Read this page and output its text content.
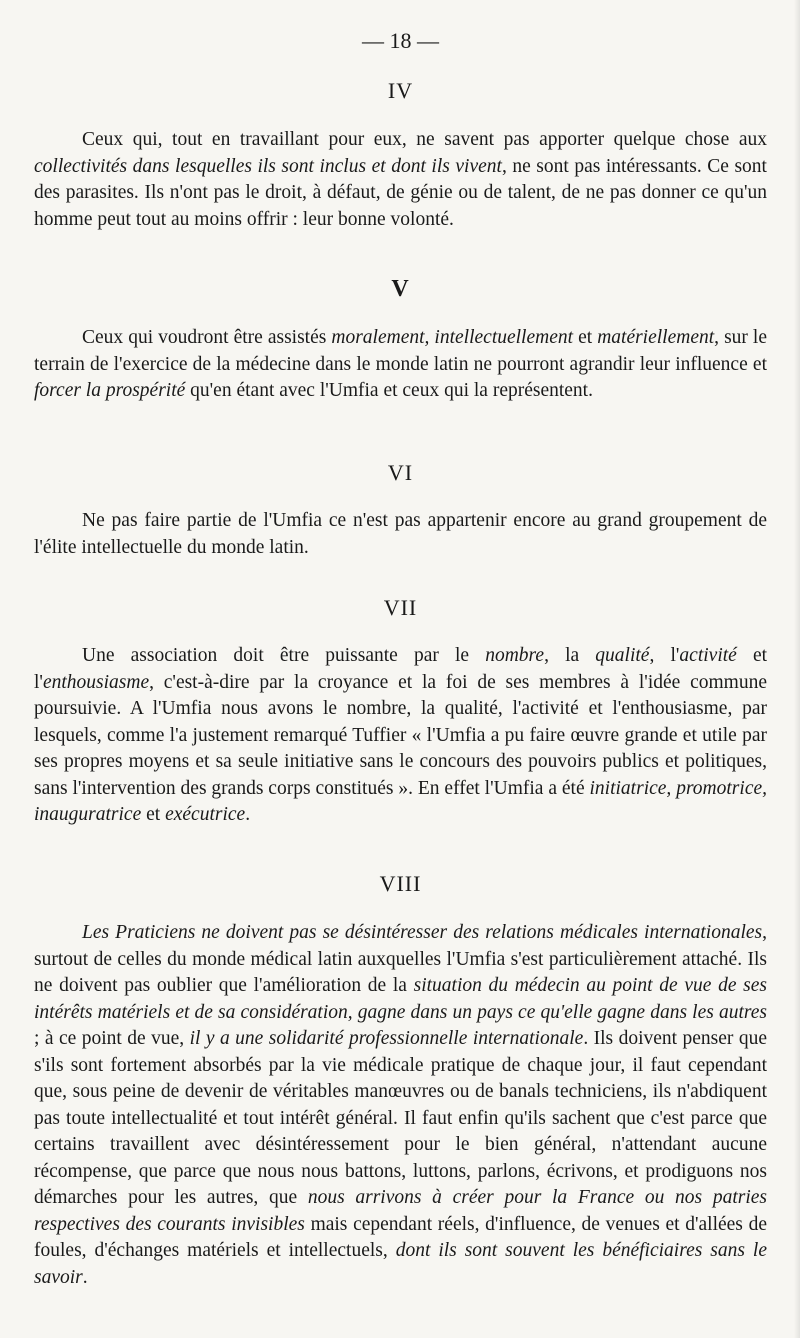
— 18 —
IV

Ceux qui, tout en travaillant pour eux, ne savent pas apporter quelque chose aux collectivités dans lesquelles ils sont inclus et dont ils vivent, ne sont pas intéressants. Ce sont des parasites. Ils n'ont pas le droit, à défaut, de génie ou de talent, de ne pas donner ce qu'un homme peut tout au moins offrir : leur bonne volonté.

V

Ceux qui voudront être assistés moralement, intellectuellement et matériellement, sur le terrain de l'exercice de la médecine dans le monde latin ne pourront agrandir leur influence et forcer la prospérité qu'en étant avec l'Umfia et ceux qui la représentent.

VI

Ne pas faire partie de l'Umfia ce n'est pas appartenir encore au grand groupement de l'élite intellectuelle du monde latin.

VII

Une association doit être puissante par le nombre, la qualité, l'activité et l'enthousiasme, c'est-à-dire par la croyance et la foi de ses membres à l'idée commune poursuivie. A l'Umfia nous avons le nombre, la qualité, l'activité et l'enthousiasme, par lesquels, comme l'a justement remarqué Tuffier « l'Umfia a pu faire œuvre grande et utile par ses propres moyens et sa seule initiative sans le concours des pouvoirs publics et politiques, sans l'intervention des grands corps constitués ». En effet l'Umfia a été initiatrice, promotrice, inauguratrice et exécutrice.

VIII

Les Praticiens ne doivent pas se désintéresser des relations médicales internationales, surtout de celles du monde médical latin auxquelles l'Umfia s'est particulièrement attaché. Ils ne doivent pas oublier que l'amélioration de la situation du médecin au point de vue de ses intérêts matériels et de sa considération, gagne dans un pays ce qu'elle gagne dans les autres ; à ce point de vue, il y a une solidarité professionnelle internationale. Ils doivent penser que s'ils sont fortement absorbés par la vie médicale pratique de chaque jour, il faut cependant que, sous peine de devenir de véritables manœuvres ou de banals techniciens, ils n'abdiquent pas toute intellectualité et tout intérêt général. Il faut enfin qu'ils sachent que c'est parce que certains travaillent avec désintéressement pour le bien général, n'attendant aucune récompense, que parce que nous nous battons, luttons, parlons, écrivons, et prodiguons nos démarches pour les autres, que nous arrivons à créer pour la France ou nos patries respectives des courants invisibles mais cependant réels, d'influence, de venues et d'allées de foules, d'échanges matériels et intellectuels, dont ils sont souvent les bénéficiaires sans le savoir.
